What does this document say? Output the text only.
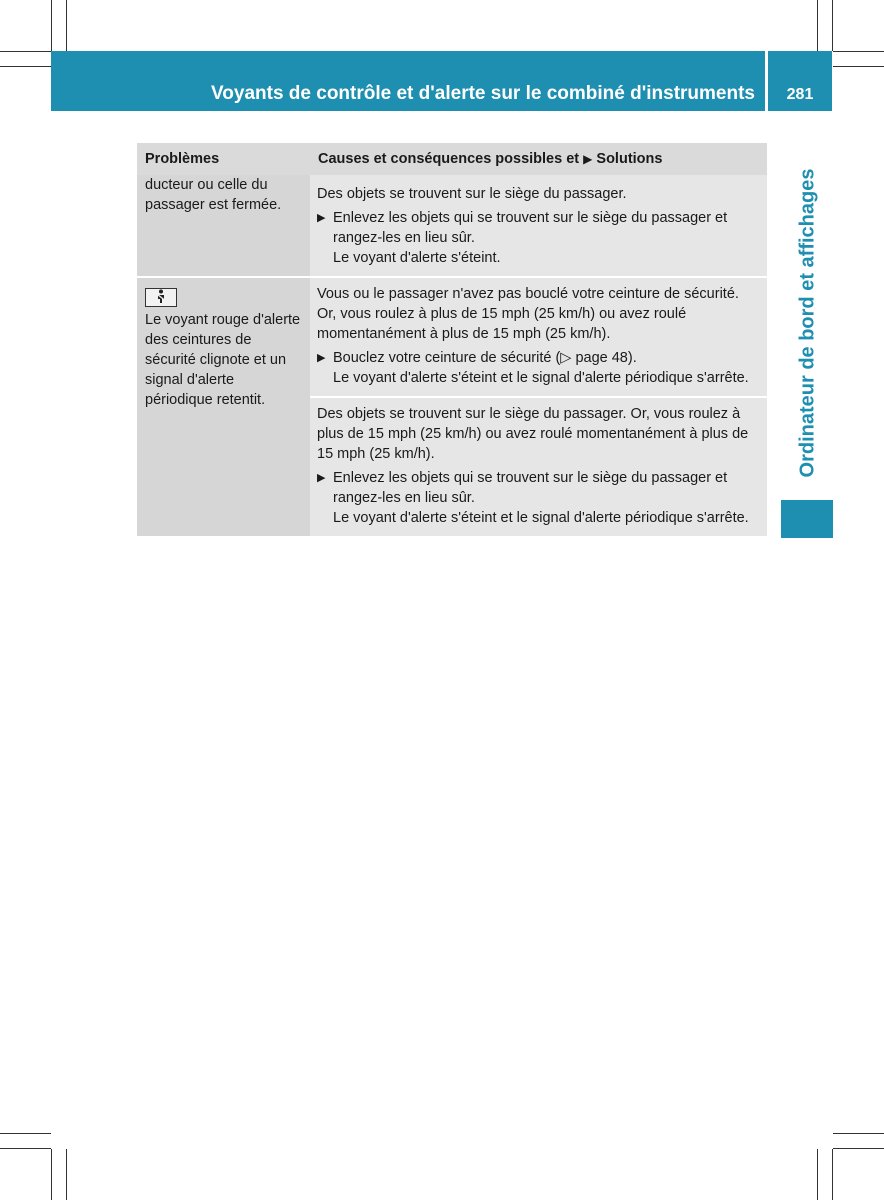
Voyants de contrôle et d'alerte sur le combiné d'instruments	281
Ordinateur de bord et affichages
Problèmes	Causes et conséquences possibles et ▶ Solutions

ducteur ou celle du passager est fermée.	Des objets se trouvent sur le siège du passager.

▶ Enlevez les objets qui se trouvent sur le siège du passager et rangez-les en lieu sûr.
Le voyant d'alerte s'éteint.

Le voyant rouge d'alerte des ceintures de sécurité clignote et un signal d'alerte périodique retentit.	Vous ou le passager n'avez pas bouclé votre ceinture de sécurité. Or, vous roulez à plus de 15 mph (25 km/h) ou avez roulé momentanément à plus de 15 mph (25 km/h).

▶ Bouclez votre ceinture de sécurité (▷ page 48).
Le voyant d'alerte s'éteint et le signal d'alerte périodique s'arrête.

	Des objets se trouvent sur le siège du passager. Or, vous roulez à plus de 15 mph (25 km/h) ou avez roulé momentanément à plus de 15 mph (25 km/h).

▶ Enlevez les objets qui se trouvent sur le siège du passager et rangez-les en lieu sûr.
Le voyant d'alerte s'éteint et le signal d'alerte périodique s'arrête.
